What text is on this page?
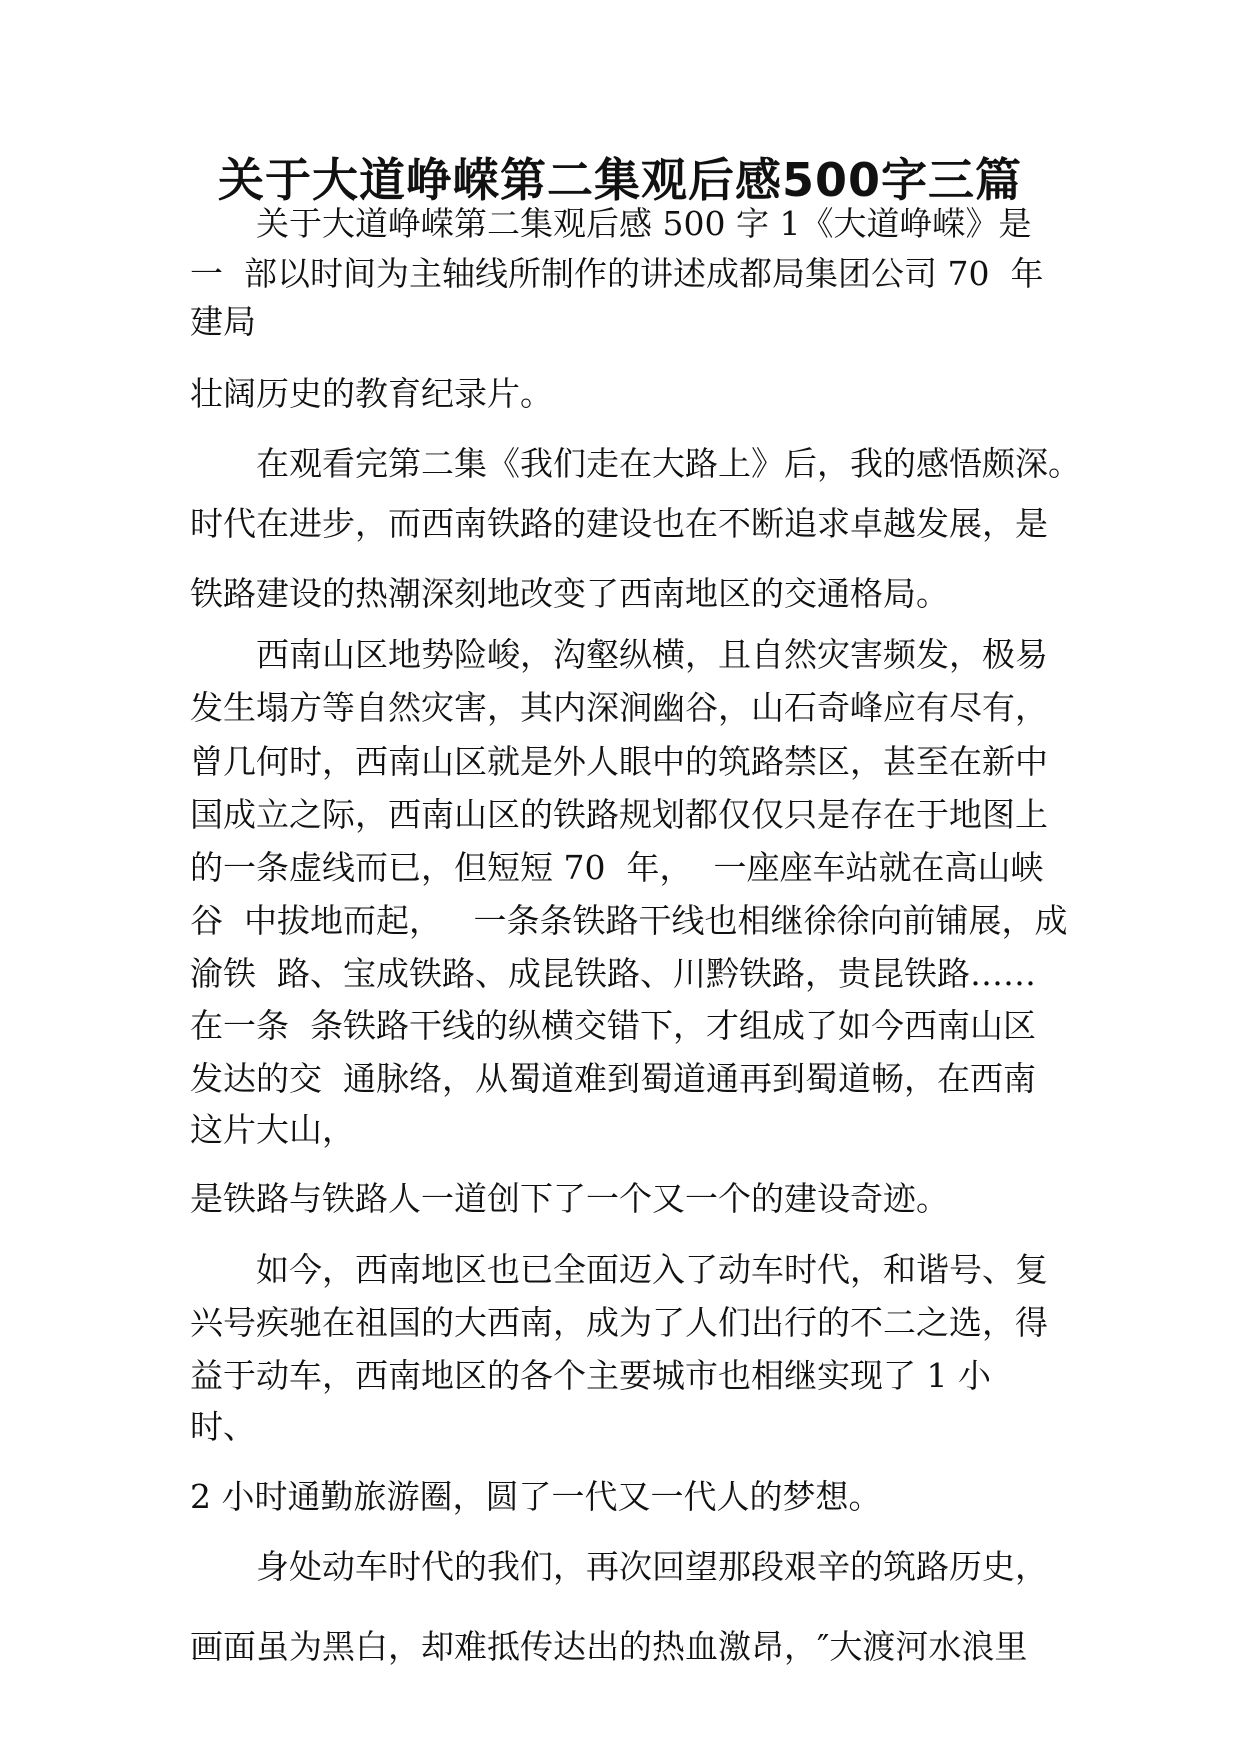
关于大道峥嵘第二集观后感500字三篇

关于大道峥嵘第二集观后感 500 字 1《大道峥嵘》是

一  部以时间为主轴线所制作的讲述成都局集团公司 70  年

建局

壮阔历史的教育纪录片。

在观看完第二集《我们走在大路上》后，我的感悟颇深。

时代在进步，而西南铁路的建设也在不断追求卓越发展，是

铁路建设的热潮深刻地改变了西南地区的交通格局。

西南山区地势险峻，沟壑纵横，且自然灾害频发，极易

发生塌方等自然灾害，其内深涧幽谷，山石奇峰应有尽有，

曾几何时，西南山区就是外人眼中的筑路禁区，甚至在新中

国成立之际，西南山区的铁路规划都仅仅只是存在于地图上

的一条虚线而已，但短短 70  年，  一座座车站就在高山峡

谷  中拔地而起，   一条条铁路干线也相继徐徐向前铺展，成

渝铁  路、宝成铁路、成昆铁路、川黔铁路，贵昆铁路……

在一条  条铁路干线的纵横交错下，才组成了如今西南山区

发达的交  通脉络，从蜀道难到蜀道通再到蜀道畅，在西南

这片大山，

是铁路与铁路人一道创下了一个又一个的建设奇迹。

如今，西南地区也已全面迈入了动车时代，和谐号、复

兴号疾驰在祖国的大西南，成为了人们出行的不二之选，得

益于动车，西南地区的各个主要城市也相继实现了 1 小

时、

2 小时通勤旅游圈，圆了一代又一代人的梦想。

身处动车时代的我们，再次回望那段艰辛的筑路历史，

画面虽为黑白，却难抵传达出的热血激昂，″大渡河水浪里
